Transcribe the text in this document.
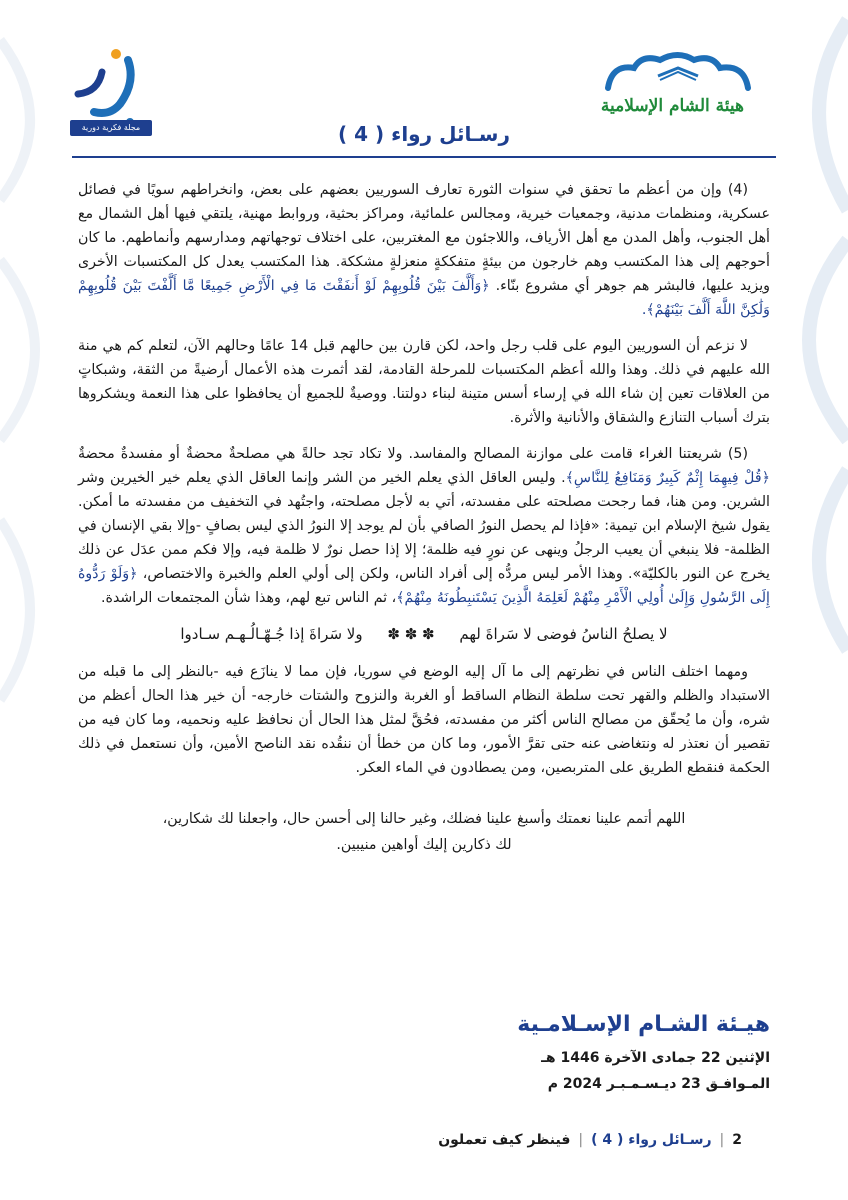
مجلة فكرية دورية
هيئة الشام الإسلامية
رسـائل رواء ( 4 )

(4) وإن من أعظم ما تحقق في سنوات الثورة تعارف السوريين بعضهم على بعض، وانخراطهم سويًا في فصائل عسكرية، ومنظمات مدنية، وجمعيات خيرية، ومجالس علمائية، ومراكز بحثية، وروابط مهنية، يلتقي فيها أهل الشمال مع أهل الجنوب، وأهل المدن مع أهل الأرياف، واللاجئون مع المغتربين، على اختلاف توجهاتهم ومدارسهم وأنماطهم. ما كان أحوجهم إلى هذا المكتسب وهم خارجون من بيئةٍ متفككةٍ منعزلةٍ مشككة. هذا المكتسب يعدل كل المكتسبات الأخرى ويزيد عليها، فالبشر هم جوهر أي مشروع بنّاء. ﴿وَأَلَّفَ بَيْنَ قُلُوبِهِمْ لَوْ أَنفَقْتَ مَا فِي الْأَرْضِ جَمِيعًا مَّا أَلَّفْتَ بَيْنَ قُلُوبِهِمْ وَلَٰكِنَّ اللَّهَ أَلَّفَ بَيْنَهُمْ﴾.

لا نزعم أن السوريين اليوم على قلب رجل واحد، لكن قارن بين حالهم قبل 14 عامًا وحالهم الآن، لتعلم كم هي منة الله عليهم في ذلك. وهذا والله أعظم المكتسبات للمرحلة القادمة، لقد أثمرت هذه الأعمال أرضيةً من الثقة، وشبكاتٍ من العلاقات تعين إن شاء الله في إرساء أسس متينة لبناء دولتنا. ووصيةٌ للجميع أن يحافظوا على هذا النعمة ويشكروها بترك أسباب التنازع والشقاق والأنانية والأثرة.

(5) شريعتنا الغراء قامت على موازنة المصالح والمفاسد. ولا تكاد تجد حالةً هي مصلحةٌ محضةٌ أو مفسدةٌ محضةٌ ﴿قُلْ فِيهِمَا إِثْمٌ كَبِيرٌ وَمَنَافِعُ لِلنَّاسِ﴾. وليس العاقل الذي يعلم الخير من الشر وإنما العاقل الذي يعلم خير الخيرين وشر الشرين. ومن هنا، فما رجحت مصلحته على مفسدته، أتي به لأجل مصلحته، واجتُهد في التخفيف من مفسدته ما أمكن. يقول شيخ الإسلام ابن تيمية: «فإذا لم يحصل النورُ الصافي بأن لم يوجد إلا النورُ الذي ليس بصافٍ -وإلا بقي الإنسان في الظلمة- فلا ينبغي أن يعيب الرجلُ وينهى عن نورٍ فيه ظلمة؛ إلا إذا حصل نورٌ لا ظلمة فيه، وإلا فكم ممن عدَل عن ذلك يخرج عن النور بالكليّة». وهذا الأمر ليس مردُّه إلى أفراد الناس، ولكن إلى أولي العلم والخبرة والاختصاص، ﴿وَلَوْ رَدُّوهُ إِلَى الرَّسُولِ وَإِلَىٰ أُولِي الْأَمْرِ مِنْهُمْ لَعَلِمَهُ الَّذِينَ يَسْتَنبِطُونَهُ مِنْهُمْ﴾، ثم الناس تبع لهم، وهذا شأن المجتمعات الراشدة.

لا يصلحُ الناسُ فوضى لا سَراةَ لهم ✽ ✽ ✽ ولا سَراةَ إذا جُـهّـالُـهـم سـادوا

ومهما اختلف الناس في نظرتهم إلى ما آل إليه الوضع في سوريا، فإن مما لا ينازَع فيه -بالنظر إلى ما قبله من الاستبداد والظلم والقهر تحت سلطة النظام الساقط أو الغربة والنزوح والشتات خارجه- أن خير هذا الحال أعظم من شره، وأن ما يُحقّق من مصالح الناس أكثر من مفسدته، فحُقَّ لمثل هذا الحال أن نحافظ عليه ونحميه، وما كان فيه من تقصير أن نعتذر له ونتغاضى عنه حتى تقرَّ الأمور، وما كان من خطأ أن ننقُده نقد الناصح الأمين، وأن نستعمل في ذلك الحكمة فنقطع الطريق على المتربصين، ومن يصطادون في الماء العكر.

اللهم أتمم علينا نعمتك وأسبغ علينا فضلك، وغير حالنا إلى أحسن حال، واجعلنا لك شكارين،
لك ذكارين إليك أواهين منيبين.
هيـئة الشـام الإسـلامـية
الإثنين 22 جمادى الآخرة 1446 هـ
المـوافـق 23 ديـسـمـبـر 2024 م
2|رسـائل رواء ( 4 )|فينظر كيف تعملون
